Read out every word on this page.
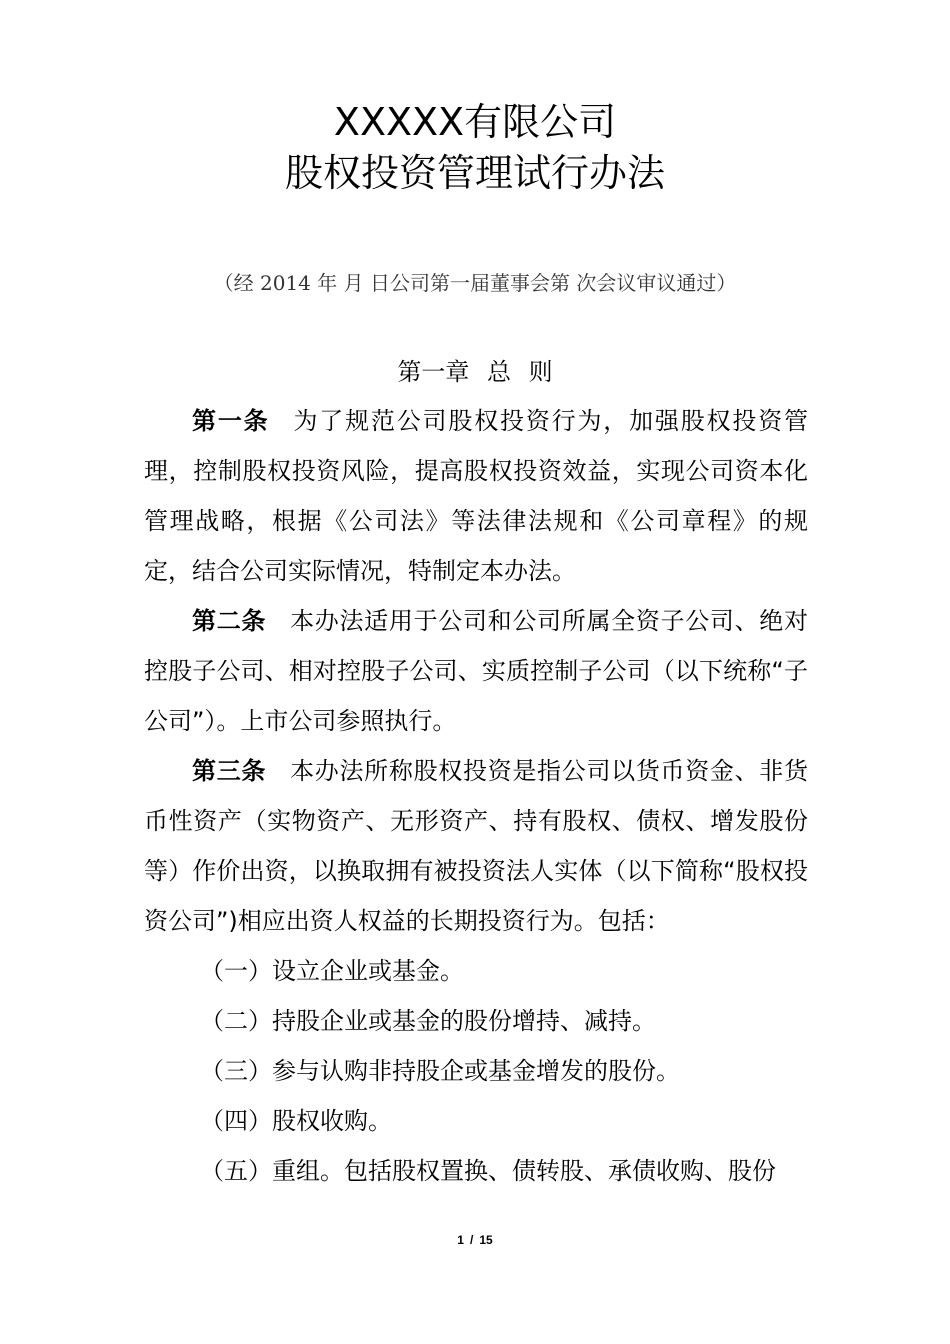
XXXXX有限公司
股权投资管理试行办法
（经 2014 年 月 日公司第一届董事会第 次会议审议通过）
第一章 总 则

第一条 为了规范公司股权投资行为，加强股权投资管理，控制股权投资风险，提高股权投资效益，实现公司资本化管理战略，根据《公司法》等法律法规和《公司章程》的规定，结合公司实际情况，特制定本办法。

第二条 本办法适用于公司和公司所属全资子公司、绝对控股子公司、相对控股子公司、实质控制子公司（以下统称“子公司”）。上市公司参照执行。

第三条 本办法所称股权投资是指公司以货币资金、非货币性资产（实物资产、无形资产、持有股权、债权、增发股份等）作价出资，以换取拥有被投资法人实体（以下简称“股权投资公司”)相应出资人权益的长期投资行为。包括：

（一）设立企业或基金。

（二）持股企业或基金的股份增持、减持。

（三）参与认购非持股企或基金增发的股份。

（四）股权收购。

（五）重组。包括股权置换、债转股、承债收购、股份

1 / 15
